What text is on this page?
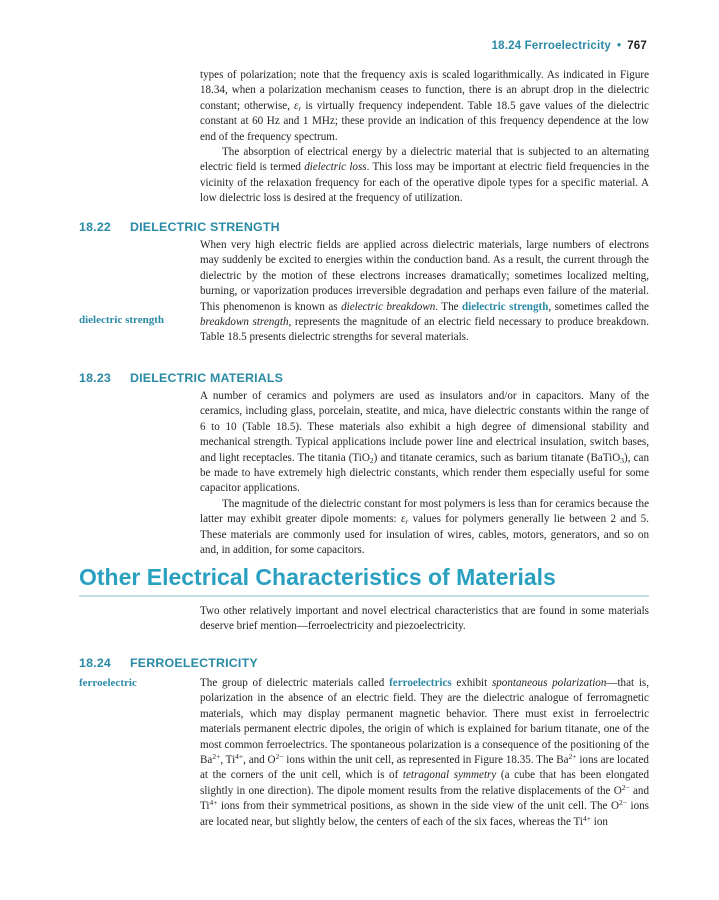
18.24 Ferroelectricity • 767

types of polarization; note that the frequency axis is scaled logarithmically. As indicated in Figure 18.34, when a polarization mechanism ceases to function, there is an abrupt drop in the dielectric constant; otherwise, $\varepsilon_r$ is virtually frequency independent. Table 18.5 gave values of the dielectric constant at 60 Hz and 1 MHz; these provide an indication of this frequency dependence at the low end of the frequency spectrum.

The absorption of electrical energy by a dielectric material that is subjected to an alternating electric field is termed dielectric loss. This loss may be important at electric field frequencies in the vicinity of the relaxation frequency for each of the operative dipole types for a specific material. A low dielectric loss is desired at the frequency of utilization.

18.22 DIELECTRIC STRENGTH
dielectric strength

When very high electric fields are applied across dielectric materials, large numbers of electrons may suddenly be excited to energies within the conduction band. As a result, the current through the dielectric by the motion of these electrons increases dramatically; sometimes localized melting, burning, or vaporization produces irreversible degradation and perhaps even failure of the material. This phenomenon is known as dielectric breakdown. The dielectric strength, sometimes called the breakdown strength, represents the magnitude of an electric field necessary to produce breakdown. Table 18.5 presents dielectric strengths for several materials.

18.23 DIELECTRIC MATERIALS

A number of ceramics and polymers are used as insulators and/or in capacitors. Many of the ceramics, including glass, porcelain, steatite, and mica, have dielectric constants within the range of 6 to 10 (Table 18.5). These materials also exhibit a high degree of dimensional stability and mechanical strength. Typical applications include power line and electrical insulation, switch bases, and light receptacles. The titania (TiO$_2$) and titanate ceramics, such as barium titanate (BaTiO$_3$), can be made to have extremely high dielectric constants, which render them especially useful for some capacitor applications.

The magnitude of the dielectric constant for most polymers is less than for ceramics because the latter may exhibit greater dipole moments: $\varepsilon_r$ values for polymers generally lie between 2 and 5. These materials are commonly used for insulation of wires, cables, motors, generators, and so on and, in addition, for some capacitors.

Other Electrical Characteristics of Materials

Two other relatively important and novel electrical characteristics that are found in some materials deserve brief mention—ferroelectricity and piezoelectricity.

18.24 FERROELECTRICITY
ferroelectric	The group of dielectric materials called ferroelectrics exhibit spontaneous polarization—that is, polarization in the absence of an electric field. They are the dielectric analogue of ferromagnetic materials, which may display permanent magnetic behavior. There must exist in ferroelectric materials permanent electric dipoles, the origin of which is explained for barium titanate, one of the most common ferroelectrics. The spontaneous polarization is a consequence of the positioning of the $Ba^{2+}$, $Ti^{4+}$, and $O^{2-}$ ions within the unit cell, as represented in Figure 18.35. The $Ba^{2+}$ ions are located at the corners of the unit cell, which is of tetragonal symmetry (a cube that has been elongated slightly in one direction). The dipole moment results from the relative displacements of the $O^{2-}$ and $Ti^{4+}$ ions from their symmetrical positions, as shown in the side view of the unit cell. The $O^{2-}$ ions are located near, but slightly below, the centers of each of the six faces, whereas the $Ti^{4+}$ ion
